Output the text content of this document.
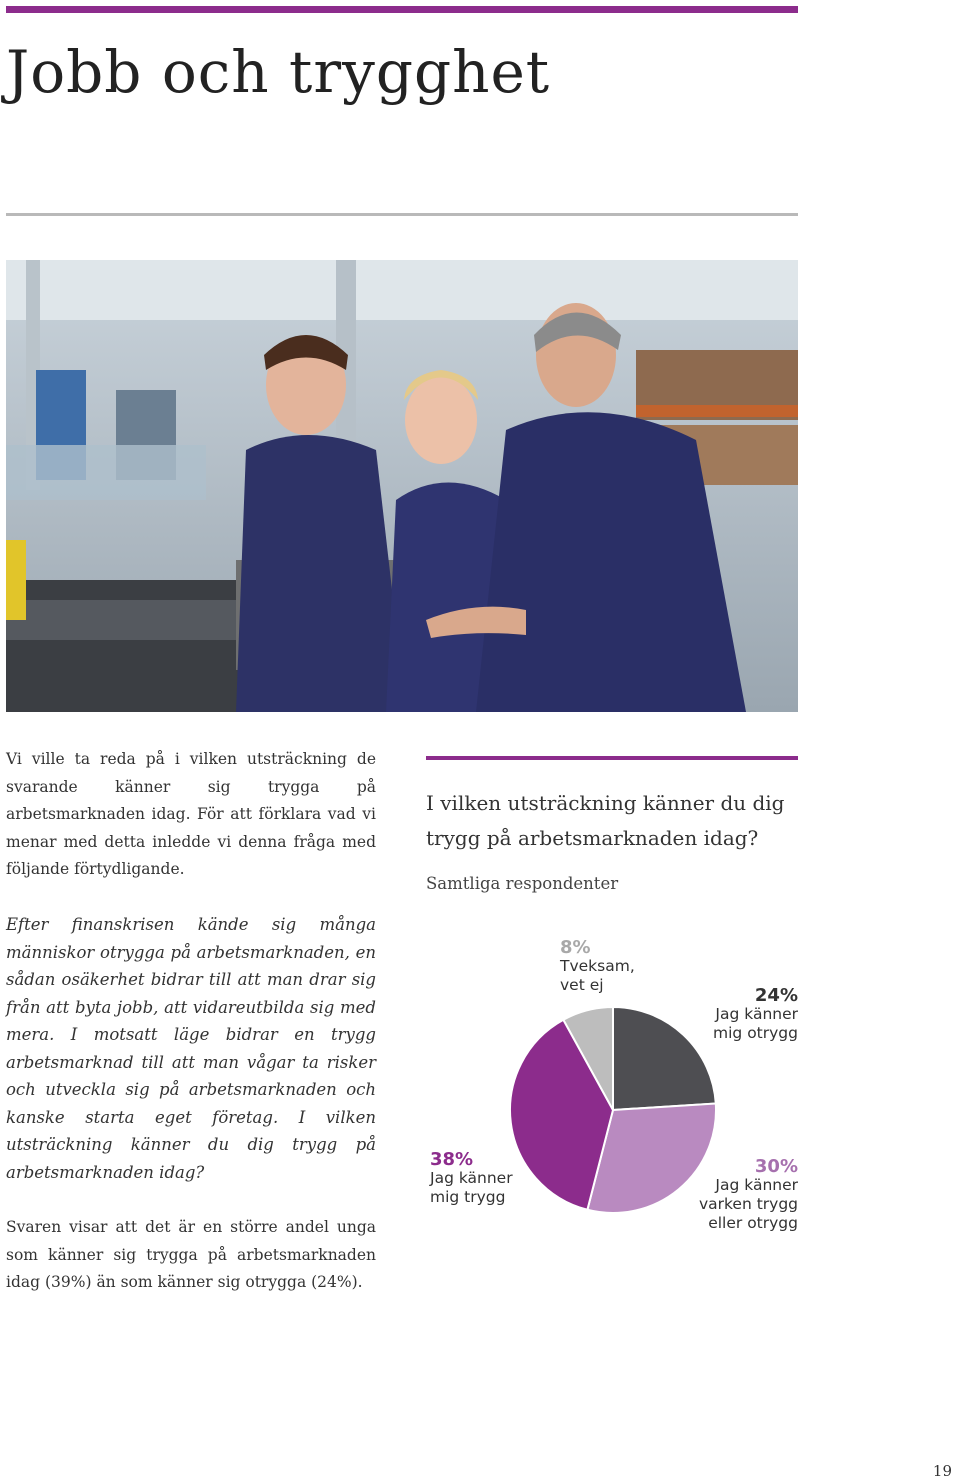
Jobb och trygghet

Vi ville ta reda på i vilken utsträckning de svarande känner sig trygga på arbetsmarknaden idag. För att förklara vad vi menar med detta inledde vi denna fråga med följande förtydligande.

Efter finanskrisen kände sig många människor otrygga på arbetsmarknaden, en sådan osäkerhet bidrar till att man drar sig från att byta jobb, att vidareutbilda sig med mera. I motsatt läge bidrar en trygg arbetsmarknad till att man vågar ta risker och utveckla sig på arbetsmarknaden och kanske starta eget företag. I vilken utsträckning känner du dig trygg på arbetsmarknaden idag?

Svaren visar att det är en större andel unga som känner sig trygga på arbetsmarknaden idag (39%) än som känner sig otrygga (24%).

I vilken utsträckning känner du dig trygg på arbetsmarknaden idag?

Samtliga respondenter

24%
Jag känner
mig otrygg
30%
Jag känner
varken trygg
eller otrygg
38%
Jag känner
mig trygg
8%
Tveksam,
vet ej
19
